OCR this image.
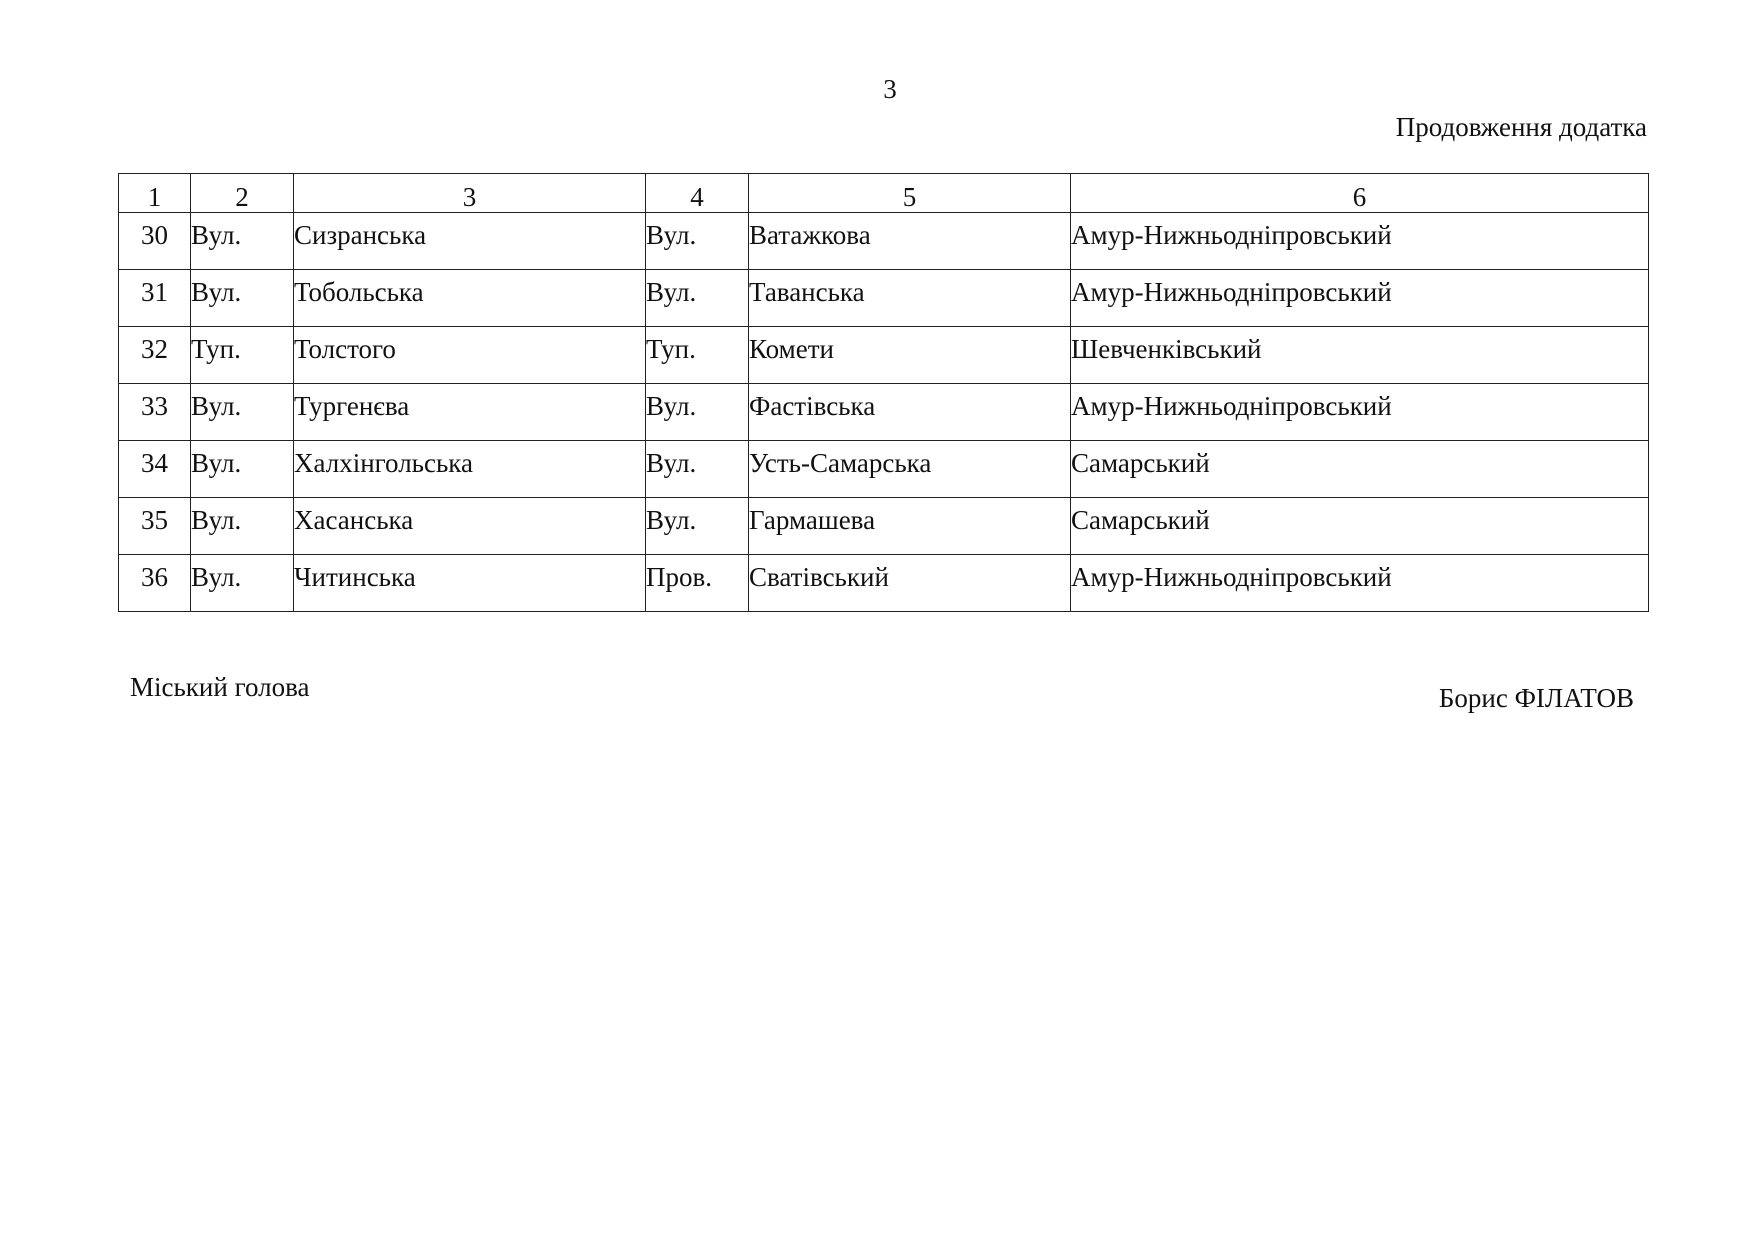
3
Продовження додатка
1	2	3	4	5	6
30	Вул.	Сизранська	Вул.	Ватажкова	Амур-Нижньодніпровський
31	Вул.	Тобольська	Вул.	Таванська	Амур-Нижньодніпровський
32	Туп.	Толстого	Туп.	Комети	Шевченківський
33	Вул.	Тургенєва	Вул.	Фастівська	Амур-Нижньодніпровський
34	Вул.	Халхінгольська	Вул.	Усть-Самарська	Самарський
35	Вул.	Хасанська	Вул.	Гармашева	Самарський
36	Вул.	Читинська	Пров.	Сватівський	Амур-Нижньодніпровський
Міський голова	Борис ФІЛАТОВ
